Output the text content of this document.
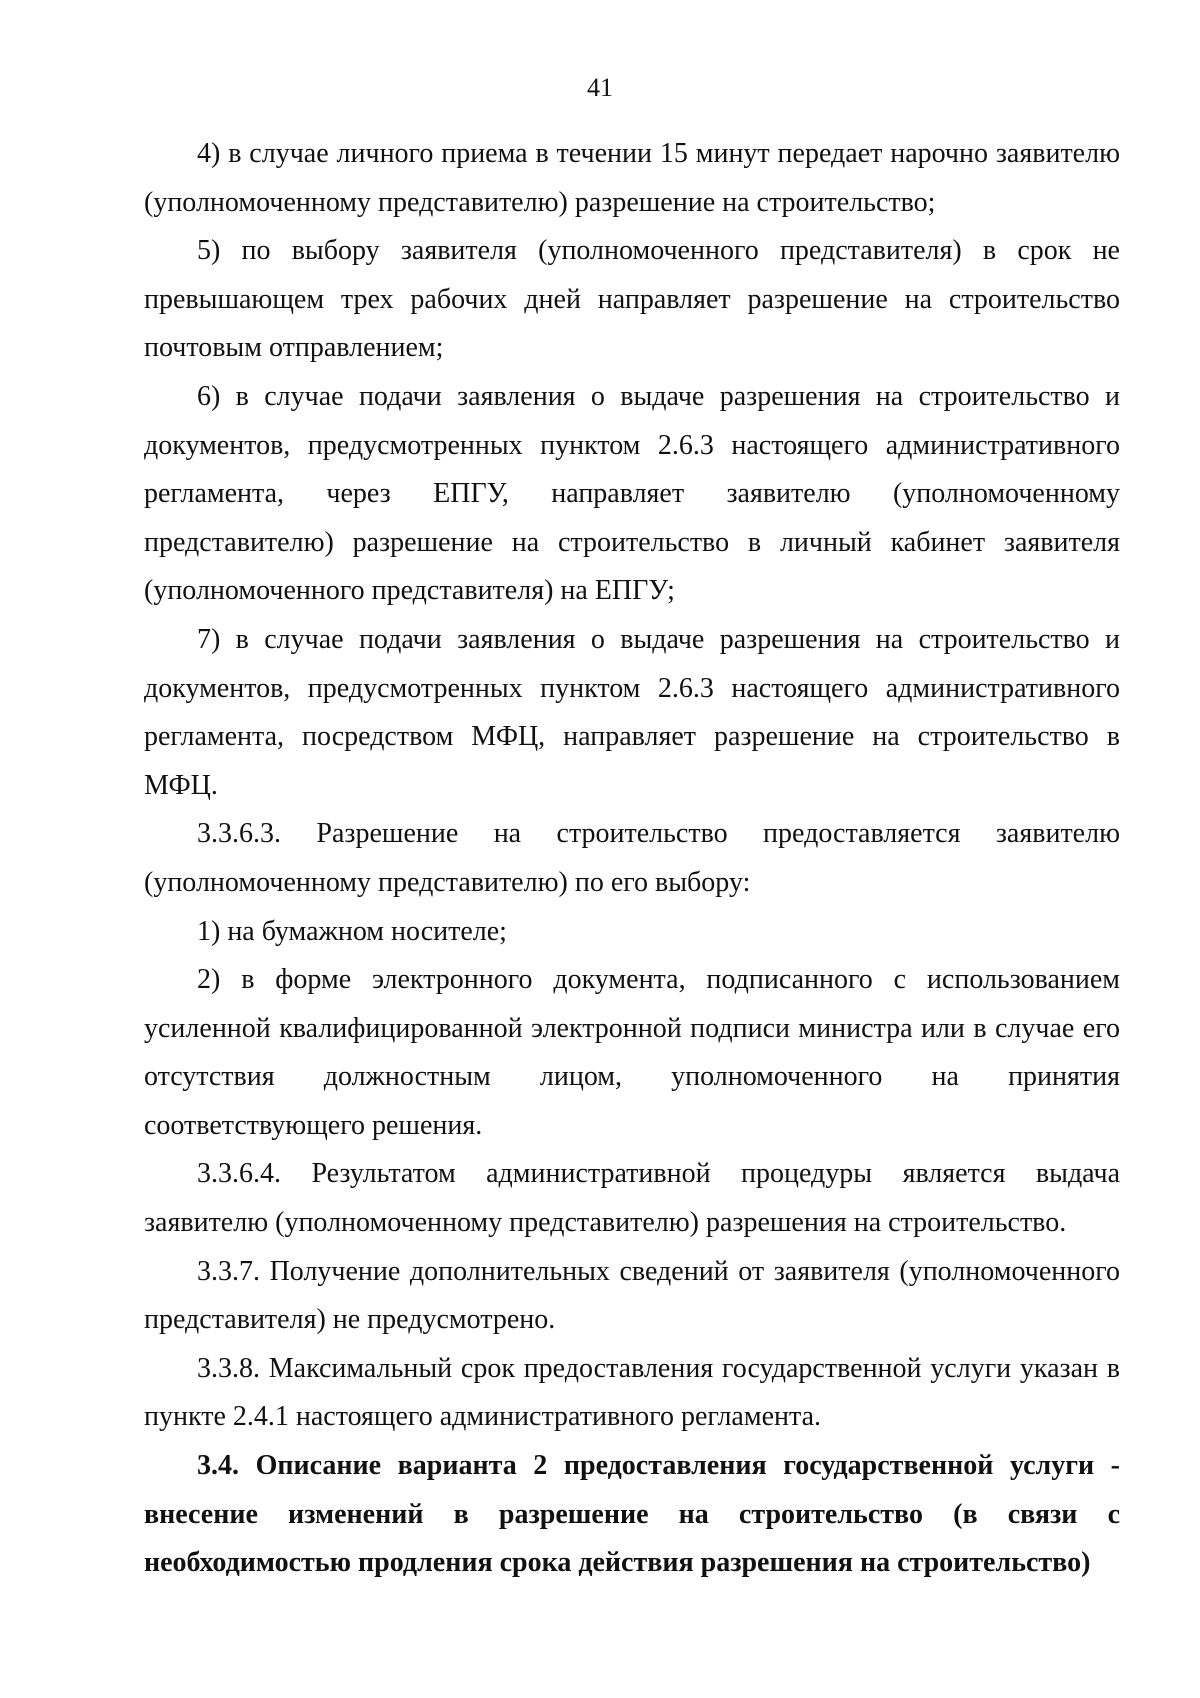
41

4) в случае личного приема в течении 15 минут передает нарочно заявителю (уполномоченному представителю) разрешение на строительство;

5) по выбору заявителя (уполномоченного представителя) в срок не превышающем трех рабочих дней направляет разрешение на строительство почтовым отправлением;

6) в случае подачи заявления о выдаче разрешения на строительство и документов, предусмотренных пунктом 2.6.3 настоящего административного регламента, через ЕПГУ, направляет заявителю (уполномоченному представителю) разрешение на строительство в личный кабинет заявителя (уполномоченного представителя) на ЕПГУ;

7) в случае подачи заявления о выдаче разрешения на строительство и документов, предусмотренных пунктом 2.6.3 настоящего административного регламента, посредством МФЦ, направляет разрешение на строительство в МФЦ.

3.3.6.3. Разрешение на строительство предоставляется заявителю (уполномоченному представителю) по его выбору:

1) на бумажном носителе;

2) в форме электронного документа, подписанного с использованием усиленной квалифицированной электронной подписи министра или в случае его отсутствия должностным лицом, уполномоченного на принятия соответствующего решения.

3.3.6.4. Результатом административной процедуры является выдача заявителю (уполномоченному представителю) разрешения на строительство.

3.3.7. Получение дополнительных сведений от заявителя (уполномоченного представителя) не предусмотрено.

3.3.8. Максимальный срок предоставления государственной услуги указан в пункте 2.4.1 настоящего административного регламента.

3.4. Описание варианта 2 предоставления государственной услуги - внесение изменений в разрешение на строительство (в связи с необходимостью продления срока действия разрешения на строительство)
